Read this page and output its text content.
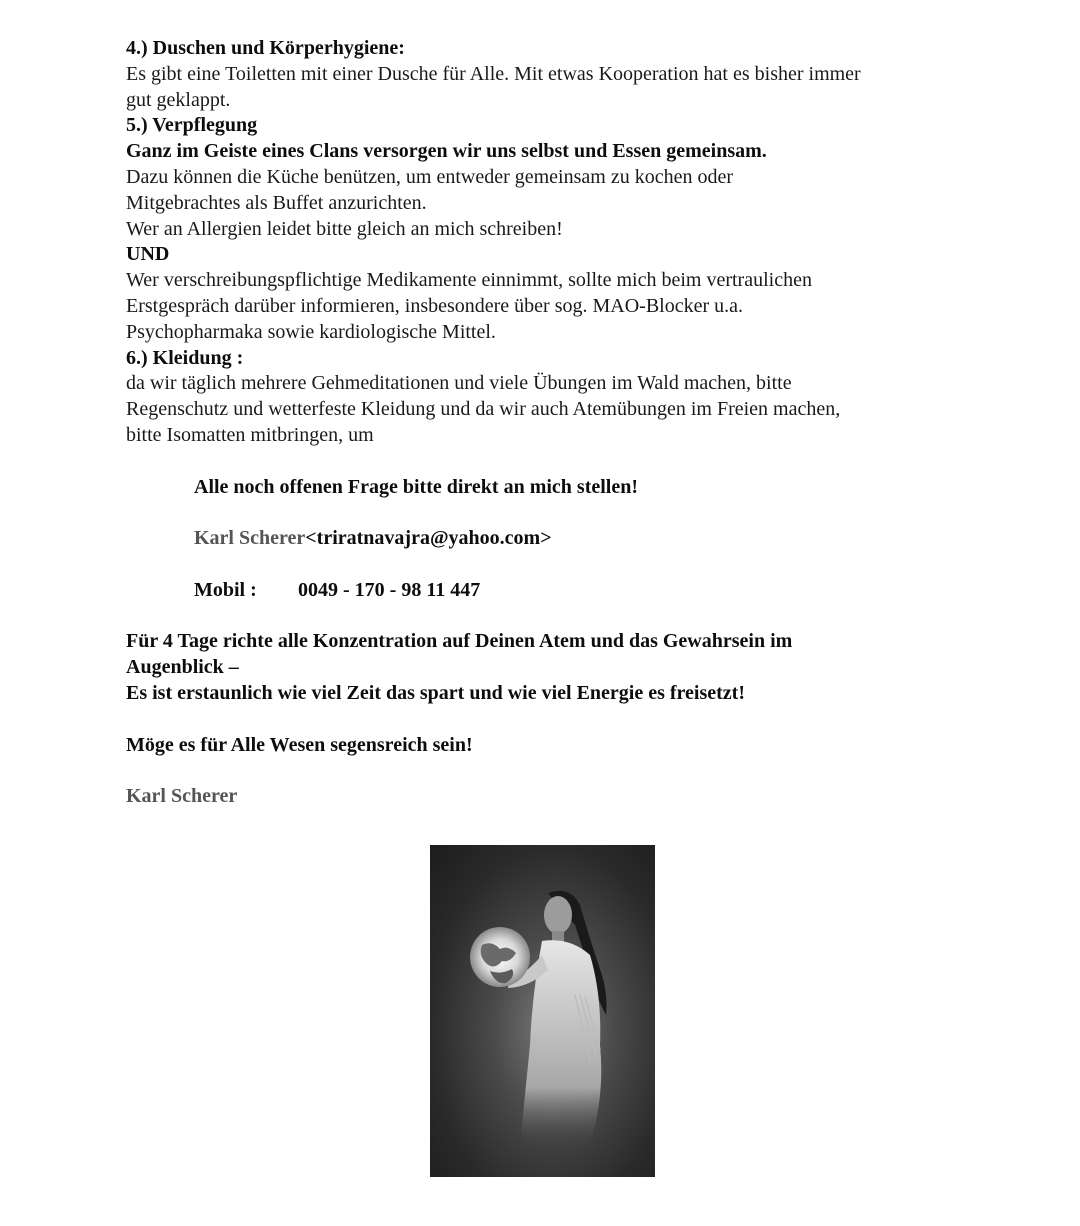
4.) Duschen und Körperhygiene:
Es gibt eine Toiletten mit einer Dusche für Alle. Mit etwas Kooperation hat es bisher immer
gut geklappt.
5.) Verpflegung
Ganz im Geiste eines Clans versorgen wir uns selbst und Essen gemeinsam.
Dazu können die Küche benützen, um entweder gemeinsam zu kochen oder
Mitgebrachtes als Buffet anzurichten.
Wer an Allergien leidet bitte gleich an mich schreiben!
UND
Wer verschreibungspflichtige Medikamente einnimmt, sollte mich beim vertraulichen
Erstgespräch darüber informieren, insbesondere über sog. MAO-Blocker u.a.
Psychopharmaka sowie kardiologische Mittel.
6.) Kleidung :
da wir täglich mehrere Gehmeditationen und viele Übungen im Wald machen, bitte
Regenschutz und wetterfeste Kleidung und da wir auch Atemübungen im Freien machen,
bitte Isomatten mitbringen, um
Alle noch offenen Frage bitte direkt an mich stellen!
Karl Scherer<triratnavajra@yahoo.com>
Mobil : 0049 - 170 - 98 11 447
Für 4 Tage richte alle Konzentration auf Deinen Atem und das Gewahrsein im
Augenblick –
Es ist erstaunlich wie viel Zeit das spart und wie viel Energie es freisetzt!
Möge es für Alle Wesen segensreich sein!
Karl Scherer
